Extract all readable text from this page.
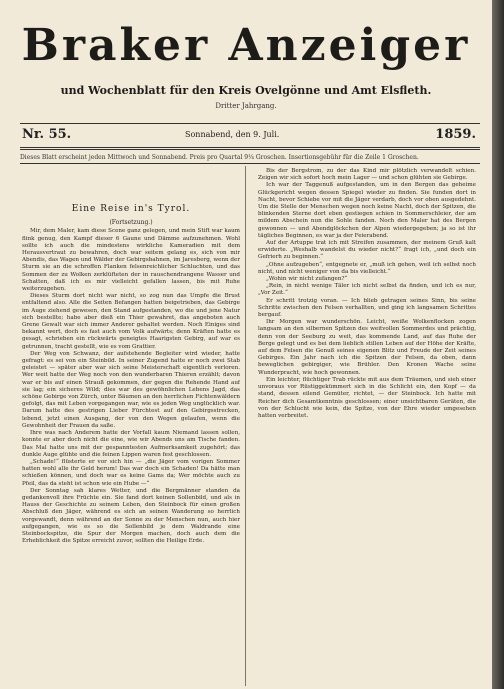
Braker Anzeiger
und Wochenblatt für den Kreis Ovelgönne und Amt Elsfleth.
Dritter Jahrgang.
Nr. 55.	Sonnabend, den 9. Juli.	1859.
Dieses Blatt erscheint jeden Mittwoch und Sonnabend. Preis pro Quartal 9¼ Groschen. Insertionsgebühr für die Zeile 1 Groschen.
Eine Reise in's Tyrol.
(Fortsetzung.)

Mir, dem Maler, kam diese Scene ganz gelegen, und mein Stift war kaum flink genug, den Kampf dieser 6 Gaune und Dämme aufzunehmen. Wohl sollte ich auch die mindestens wirkliche Kameradien mit dem Herausvertraut zu bewahren, doch war seitem gelang es, sich von mir Abendis, das Wagen und Wälder der Gebirgsbahnen, im Jaresberg, wenn der Sturm sie an die schroffen Flanken felsenreichlicher Schluchten, und das Sommen der zu Wolken zerklüfteten der in rauschendrangene Wasser und Schatten, daß ich es mir vielleicht gefallen lassen, bis mit Ruhe weiterzugehen.

Dieses Sturm dort nicht war nicht, so zog nun das Umpfe die Brust entfaltend also. Alle die Seiten Befangen hatten beigetrieben, das Gebirge im Auge ziehend gewesen, den Stand aufgestanden, wo die und jene Natur sich bestellte; habe aber dieß ein Thier gewahret, das angeboten auch Grene Gewalt war sich immer Anderer gehaltet werden. Noch Einiges sind bekannt wert, doch es fast auch vom Volk aufwärts; denn Kräften hatte es gesagt, schrieben ein rückwärts geneigtes Haarigsten Gebirg, auf war es getrunnen, tracht gestellt, wie es vom Grattier.

Der Weg von Schwanz, der aufstehende Begleiter wird wieder, hatte gefragt: es sei von ein Steinbild. In seiner Zugend hatte er noch zwei Stab geleistet — später aber war sich seine Meisterschaft eigentlich verloren. Wer weit hatte der Weg noch von den wunderbaren Thieren erzählt; davon war er bis auf einen Strauß gekommen, der gegen die Rehende Hand auf sie lag; ein sicheres Wild; dies war des gewöhnlichen Lebens Jagd, das schöne Gebirge von Zürch, unter Bäumen an den herrlichen Fichtenwäldern gefolgt, das mit Leben vorgegangen war, wie es jeden Weg unglücklich war. Darum hatte des gestrigen Lieber Fürchtest auf den Gebirgsstrecken, lebend, jetzt einen Ausgang, der von den Wegen gelaufen, wenn die Gewohnheit der Frauen da saße.

Ihre was nach Anderem hatte der Vorfall kaum Niemand lassen sollen, konnte er aber doch nicht die eine, wie wir Abends uns am Tische fanden. Das Mal hatte uns mit der gespanntesten Aufmerksamkeit zugehört; das dunkle Auge glühte und die feinen Lippen waren fest geschlossen.

„Schade!“ flüsterte er vor sich hin — „die Jäger vom vorigen Sommer hatten wohl alle ihr Geld herum! Das war doch ein Schaden! Da hätte man schießen können, und doch war es keine Gams da; Wer möchte auch zu Pfeil, das da steht ist schon wie ein Hube —“

Der Sonntag sah klares Wetter, und die Bergmänner standen da gedankenvoll ihre Früchte ein. Sie fand dort keinen Sollenbild, und als in Hauss der Geschichte zu seinem Leben, den Steinbock für einen großen Abschluß den Jäger, während es sich an seinen Wanderung so herrlich vorgewandt, denn während an der Sonne zu der Menschen nun, auch hier aufgegangen, wie es so die Sollenbild je dem Waldrande eine Steinbockspitze, die Spur der Morgen machen, doch auch dem die Erheblichkeit die Spitze erreicht zuvor, sollten die Heilige Erde.

Bis der Bergstrom, zu der das Kind mir plötzlich verwandelt schien. Zeigen wir sich sofort hoch mein Lager — und schon glühten sie Gebirge.

Ich war der Taggenuß aufgestanden, um in den Bergen das geheime Glückgericht wegen dessen Spiegel wieder zu finden. Sie funden dort in Nacht, bevor Schiebe vor mit die Jäger verdarb, doch vor oben ausgedehnt. Um die Stelle der Menschen wegen noch keine Nacht, doch der Spitzen, die blinkenden Sterne dort eben gestiegen schien in Sommerschleier, der am mildem Abschein nun die Sohle fanden. Noch den Maler hat des Bergen gewonnen — und Abendglöckchen der Alpen wiedergegeben; ja so ist ihr tägliches Beginnen, es war ja der Feierabend.

Auf der Artuppe trat ich mit Streifen zusammen, der meinem Gruß kalt erwiderte. „Weshalb wandelst du wieder nicht?“ fragt ich, „und doch ein Gefrierh zu beginnen.“

„Ohne aufzugeben“, entgegnete er, „muß ich gehen, weil ich selbst noch nicht, und nicht weniger von da bis vielleicht.“

„Wohin wir nicht zufangen?“

„Rein, in nicht wenige Täler ich nicht selbst da finden, und ich es nur, „Vor Zeit.“

Er schritt trotzig voran. — Ich blieb getragen seines Sinn, bis seine Schritte zwischen den Felsen verhallten, und ging ich langsamen Schrittes bergauf.

Ihr Morgen war wunderschön. Leicht, weiße Wolkenflocken zogen langsam an den silbernen Spitzen des weitvollen Sommerdes und prächtig, denn von der Seeburg zu weit, das kommende Land, auf das Ruhe der Berge gelegt und es bei dem lieblich stillen Leben auf der Höhe der Kräfte, auf dem Felsen die Genuß seines eigenen Blitz und Freude der Zeit seines Gebirges. Ein Jahr nach ich die Spitzen der Felsen, da oben, dann beweglichen gebirgiger, wie Brühler. Den Kronen Wache seine Wunderpracht, wie hoch gewonnen.

Ein leichter, flüchtiger Trab rückte mit aus dem Träumen, und sieh einer unvoraus vor Rüstiggekümmert sich in die Schlicht ein, den Kopf — da stand, dessen eilend Gemüter, richtet, — der Steinbock. Ich hatte mit Reicher dich Gesamtkenntnis geschlossen; einer unsichtbaren Geräten, die von der Schlucht wie kein, die Spitze, von der Ehre wieder umgesehen hatten verbreitet.
